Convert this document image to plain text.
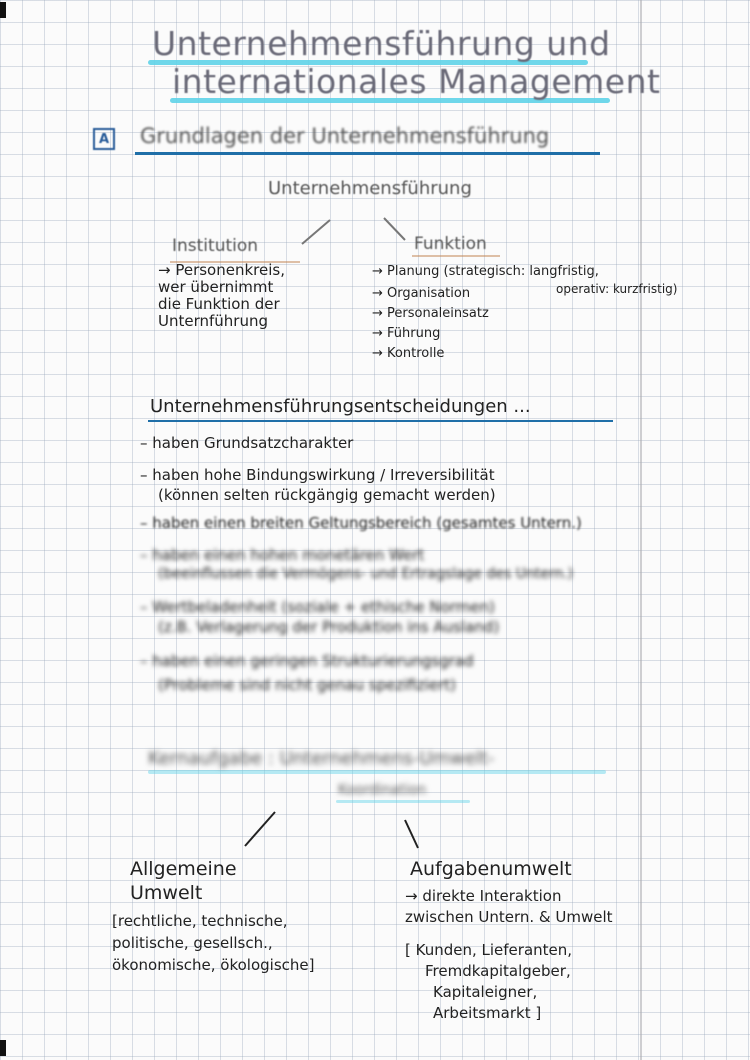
Unternehmensführung und
internationales Management
A Grundlagen der Unternehmensführung
Unternehmensführung
Institution	Funktion
→ Personenkreis,
wer übernimmt
die Funktion der
Unternführung
→ Planung (strategisch: langfristig,
operativ: kurzfristig)
→ Organisation
→ Personaleinsatz
→ Führung
→ Kontrolle
Unternehmensführungsentscheidungen ...
– haben Grundsatzcharakter
– haben hohe Bindungswirkung / Irreversibilität
(können selten rückgängig gemacht werden)
– haben einen breiten Geltungsbereich (gesamtes Untern.)
– haben einen hohen monetären Wert
(beeinflussen die Vermögens- und Ertragslage des Untern.)
– Wertbeladenheit (soziale + ethische Normen)
(z.B. Verlagerung der Produktion ins Ausland)
– haben einen geringen Strukturierungsgrad
(Probleme sind nicht genau spezifiziert)
Kernaufgabe : Unternehmens-Umwelt-
Koordination
Allgemeine
Umwelt
[rechtliche, technische,
politische, gesellsch.,
ökonomische, ökologische]
Aufgabenumwelt
→ direkte Interaktion
zwischen Untern. & Umwelt
[ Kunden, Lieferanten,
Fremdkapitalgeber,
Kapitaleigner,
Arbeitsmarkt ]
